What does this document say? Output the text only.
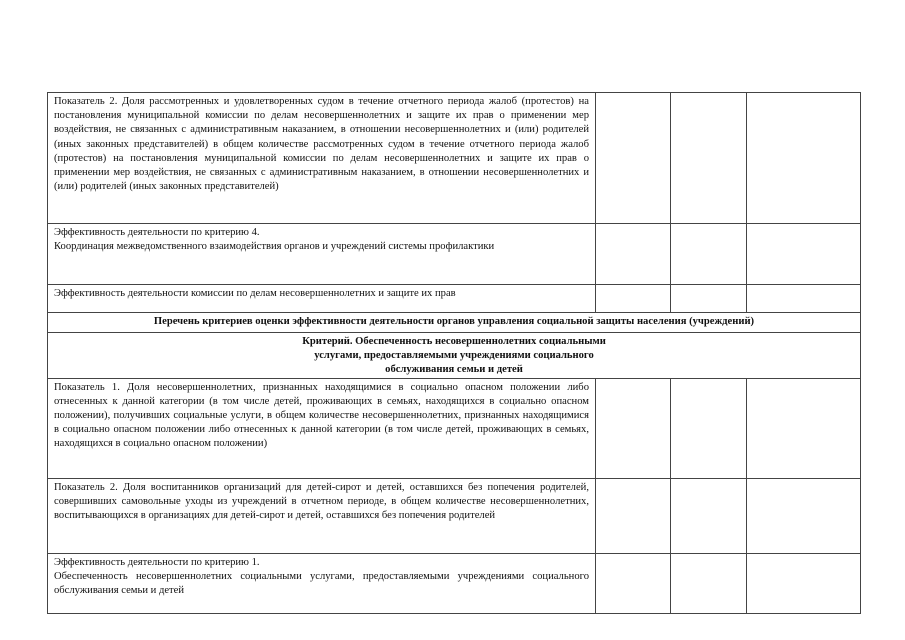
Показатель 2. Доля рассмотренных и удовлетворенных судом в течение отчетного периода жалоб (протестов) на постановления муниципальной комиссии по делам несовершеннолетних и защите их прав о применении мер воздействия, не связанных с административным наказанием, в отношении несовершеннолетних и (или) родителей (иных законных представителей) в общем количестве рассмотренных судом в течение отчетного периода жалоб (протестов) на постановления муниципальной комиссии по делам несовершеннолетних и защите их прав о применении мер воздействия, не связанных с административным наказанием, в отношении несовершеннолетних и (или) родителей (иных законных представителей)			

Эффективность деятельности по критерию 4.
Координация межведомственного взаимодействия органов и учреждений системы профилактики			

Эффективность деятельности комиссии по делам несовершеннолетних и защите их прав			

Перечень критериев оценки эффективности деятельности органов управления социальной защиты населения (учреждений)			
Критерий. Обеспеченность несовершеннолетних социальными услугами, предоставляемыми учреждениями социального обслуживания семьи и детей			

Показатель 1. Доля несовершеннолетних, признанных находящимися в социально опасном положении либо отнесенных к данной категории (в том числе детей, проживающих в семьях, находящихся в социально опасном положении), получивших социальные услуги, в общем количестве несовершеннолетних, признанных находящимися в социально опасном положении либо отнесенных к данной категории (в том числе детей, проживающих в семьях, находящихся в социально опасном положении)			

Показатель 2. Доля воспитанников организаций для детей-сирот и детей, оставшихся без попечения родителей, совершивших самовольные уходы из учреждений в отчетном периоде, в общем количестве несовершеннолетних, воспитывающихся в организациях для детей-сирот и детей, оставшихся без попечения родителей			

Эффективность деятельности по критерию 1.
Обеспеченность несовершеннолетних социальными услугами, предоставляемыми учреждениями социального обслуживания семьи и детей			
